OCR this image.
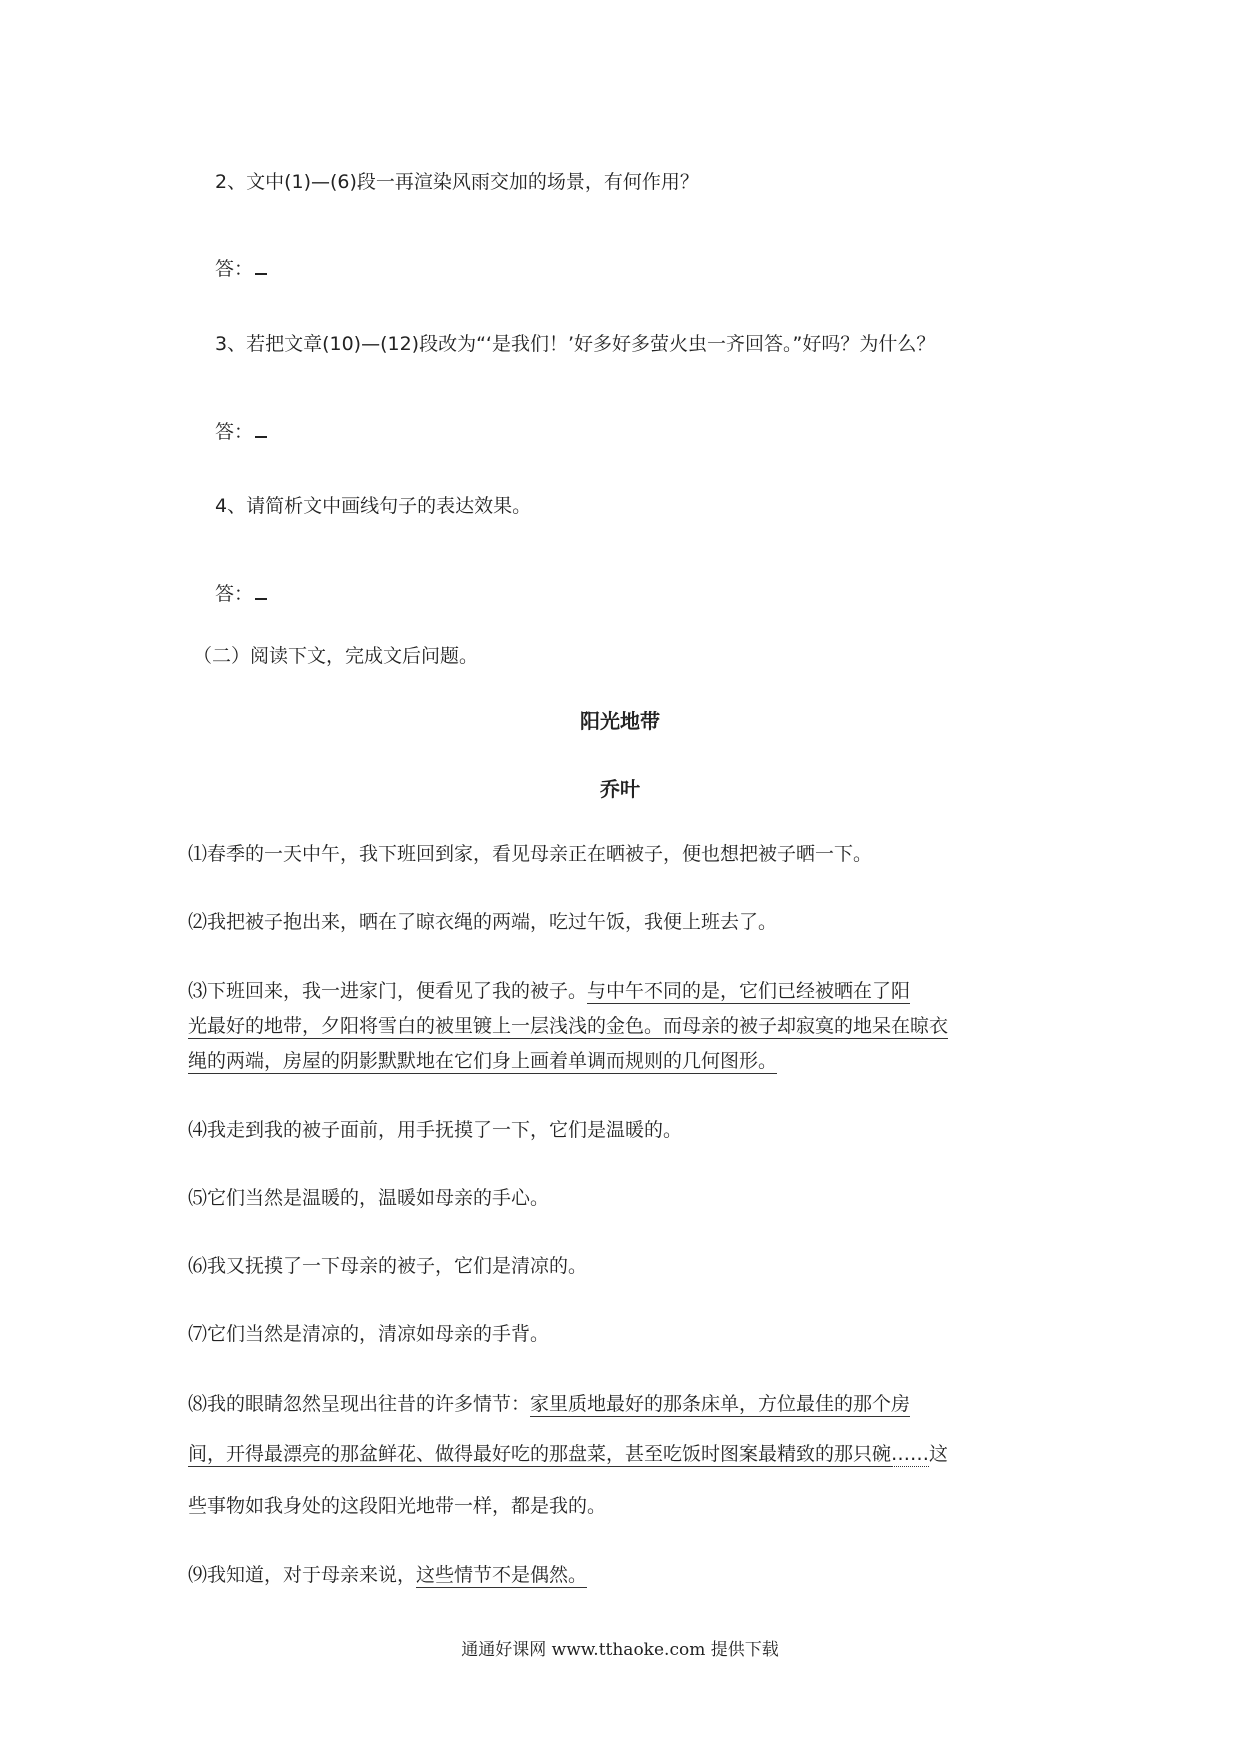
2、文中(1)—(6)段一再渲染风雨交加的场景，有何作用？
答：
3、若把文章(10)—(12)段改为“‘是我们！’好多好多萤火虫一齐回答。”好吗？为什么？
答：
4、请简析文中画线句子的表达效果。
答：
（二）阅读下文，完成文后问题。
阳光地带
乔叶
⑴春季的一天中午，我下班回到家，看见母亲正在晒被子，便也想把被子晒一下。
⑵我把被子抱出来，晒在了晾衣绳的两端，吃过午饭，我便上班去了。
⑶下班回来，我一进家门，便看见了我的被子。与中午不同的是，它们已经被晒在了阳
光最好的地带，夕阳将雪白的被里镀上一层浅浅的金色。而母亲的被子却寂寞的地呆在晾衣
绳的两端，房屋的阴影默默地在它们身上画着单调而规则的几何图形。
⑷我走到我的被子面前，用手抚摸了一下，它们是温暖的。
⑸它们当然是温暖的，温暖如母亲的手心。
⑹我又抚摸了一下母亲的被子，它们是清凉的。
⑺它们当然是清凉的，清凉如母亲的手背。
⑻我的眼睛忽然呈现出往昔的许多情节：家里质地最好的那条床单，方位最佳的那个房
间，开得最漂亮的那盆鲜花、做得最好吃的那盘菜，甚至吃饭时图案最精致的那只碗……这
些事物如我身处的这段阳光地带一样，都是我的。
⑼我知道，对于母亲来说，这些情节不是偶然。
通通好课网 www.tthaoke.com 提供下载
